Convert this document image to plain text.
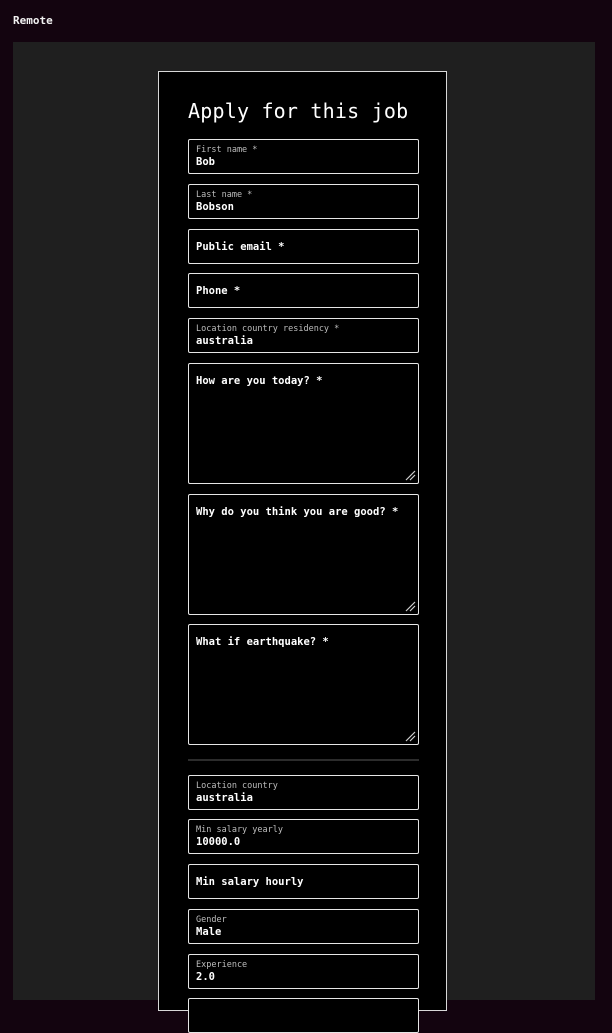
Remote
Apply for this job
First name *
Bob
Last name *
Bobson
Public email *
Phone *
Location country residency *
australia
How are you today? *
Why do you think you are good? *
What if earthquake? *
Location country
australia
Min salary yearly
10000.0
Min salary hourly
Gender
Male
Experience
2.0
